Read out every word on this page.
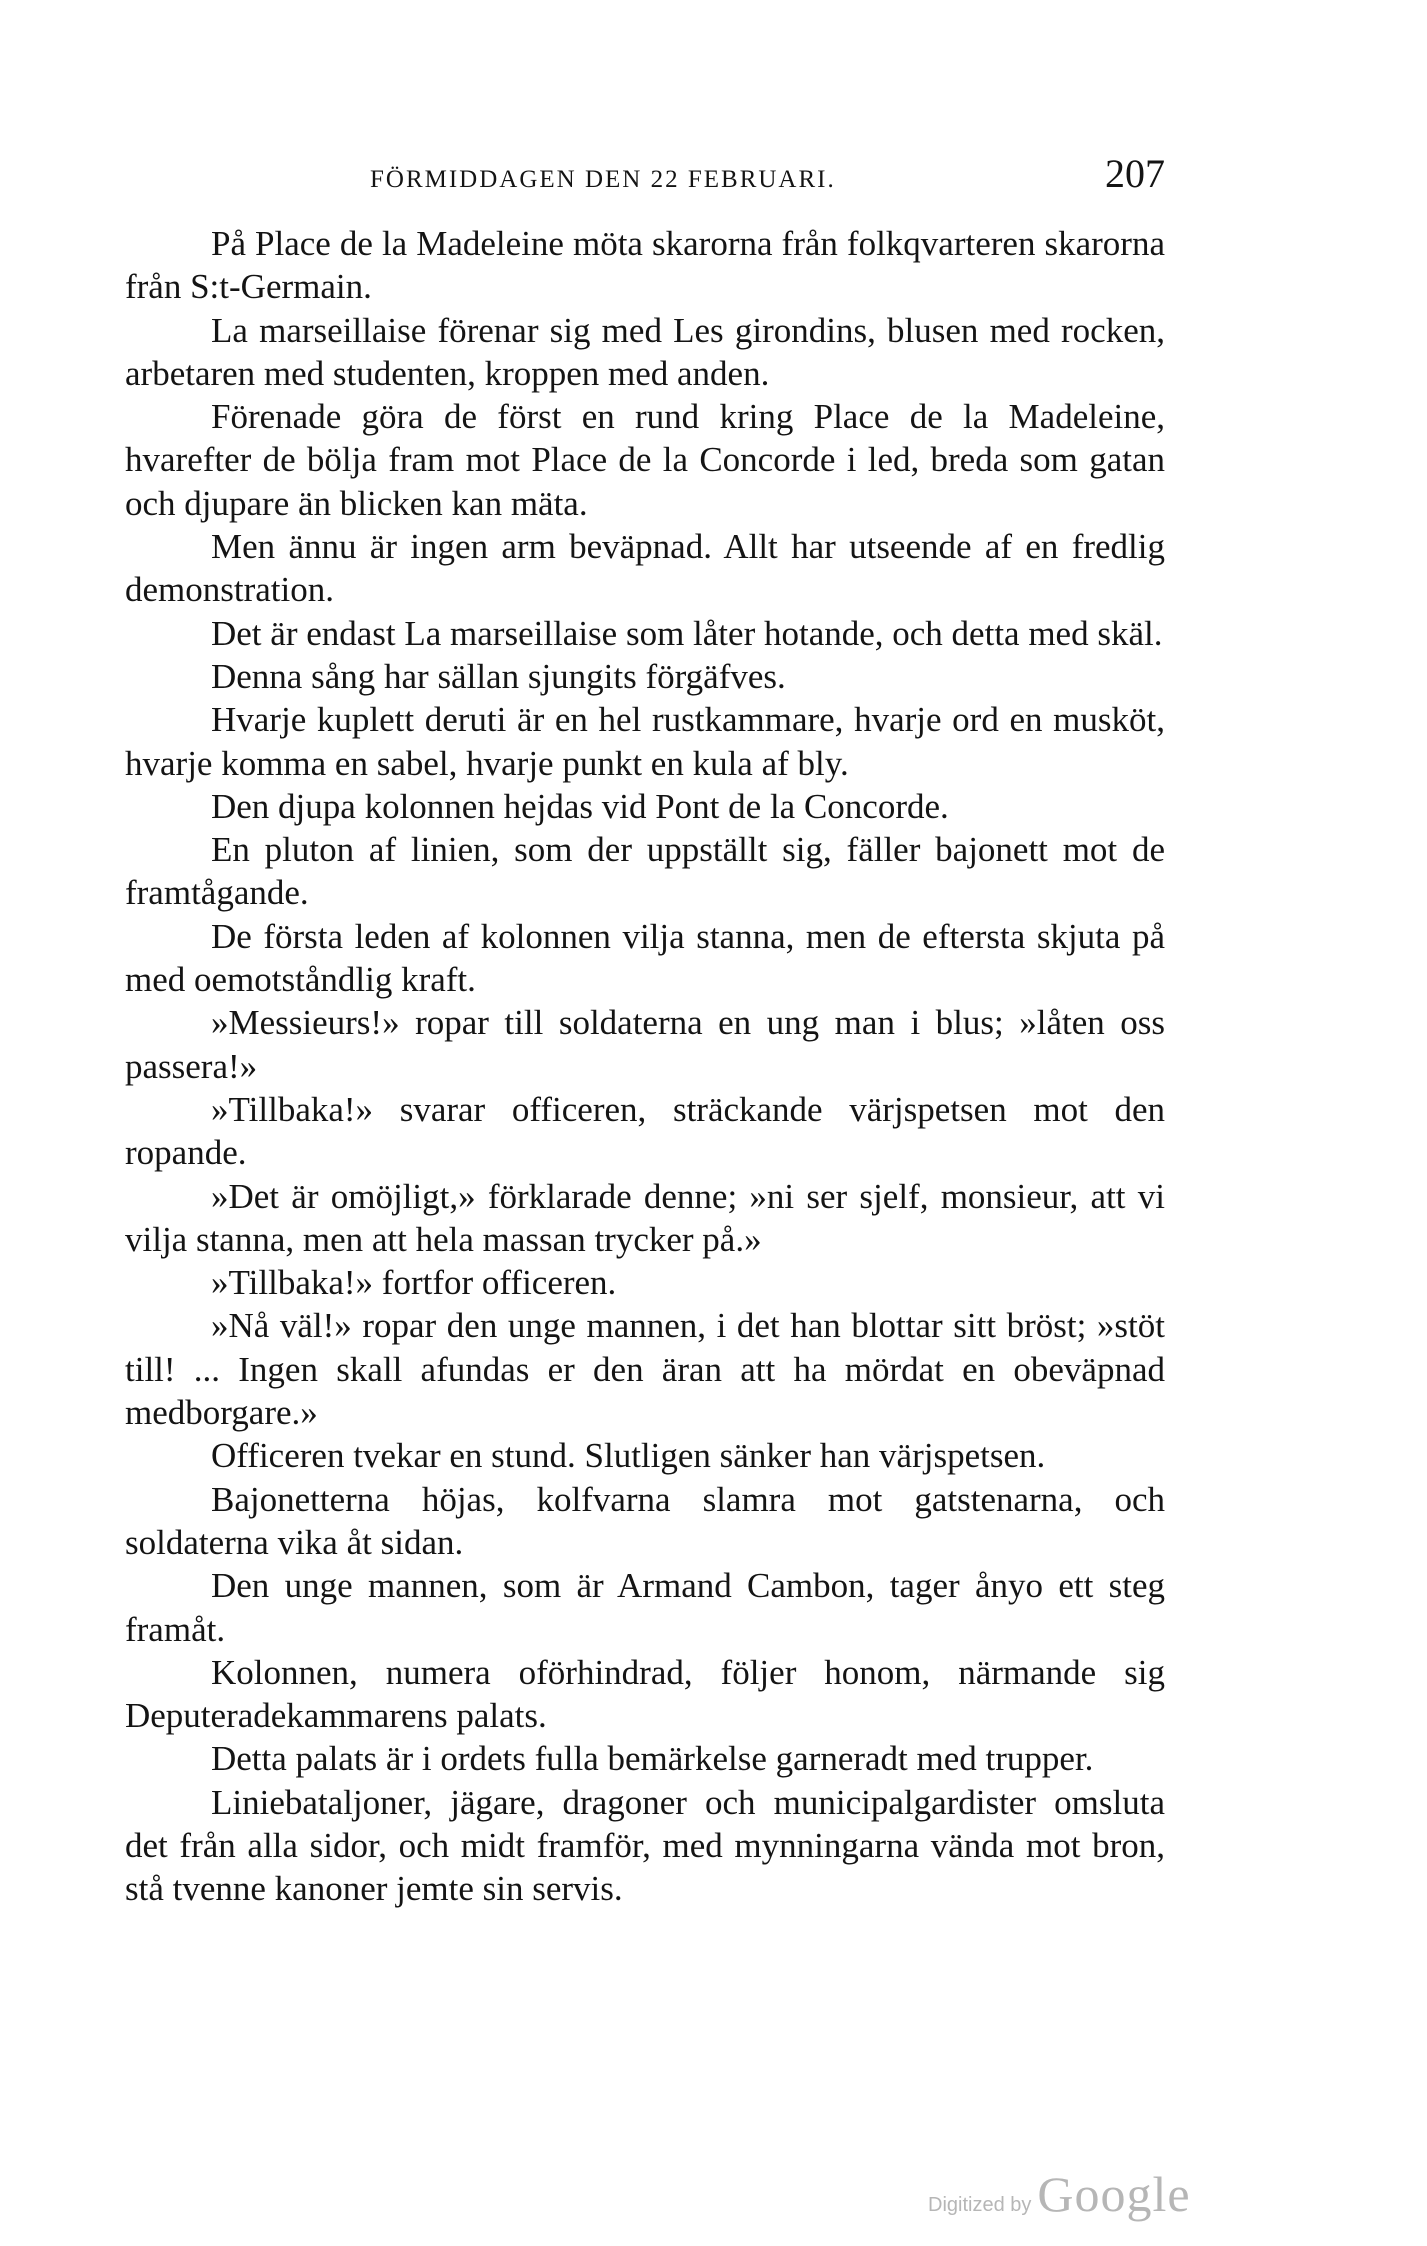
FÖRMIDDAGEN DEN 22 FEBRUARI.	207

På Place de la Madeleine möta skarorna från folkqvarteren skarorna från S:t-Germain.

La marseillaise förenar sig med Les girondins, blusen med rocken, arbetaren med studenten, kroppen med anden.

Förenade göra de först en rund kring Place de la Madeleine, hvarefter de bölja fram mot Place de la Concorde i led, breda som gatan och djupare än blicken kan mäta.

Men ännu är ingen arm beväpnad. Allt har utseende af en fredlig demonstration.

Det är endast La marseillaise som låter hotande, och detta med skäl.

Denna sång har sällan sjungits förgäfves.

Hvarje kuplett deruti är en hel rustkammare, hvarje ord en musköt, hvarje komma en sabel, hvarje punkt en kula af bly.

Den djupa kolonnen hejdas vid Pont de la Concorde.

En pluton af linien, som der uppställt sig, fäller bajonett mot de framtågande.

De första leden af kolonnen vilja stanna, men de eftersta skjuta på med oemotståndlig kraft.

»Messieurs!» ropar till soldaterna en ung man i blus; »låten oss passera!»

»Tillbaka!» svarar officeren, sträckande värjspetsen mot den ropande.

»Det är omöjligt,» förklarade denne; »ni ser sjelf, monsieur, att vi vilja stanna, men att hela massan trycker på.»

»Tillbaka!» fortfor officeren.

»Nå väl!» ropar den unge mannen, i det han blottar sitt bröst; »stöt till! ... Ingen skall afundas er den äran att ha mördat en obeväpnad medborgare.»

Officeren tvekar en stund. Slutligen sänker han värjspetsen.

Bajonetterna höjas, kolfvarna slamra mot gatstenarna, och soldaterna vika åt sidan.

Den unge mannen, som är Armand Cambon, tager ånyo ett steg framåt.

Kolonnen, numera oförhindrad, följer honom, närmande sig Deputeradekammarens palats.

Detta palats är i ordets fulla bemärkelse garneradt med trupper.

Liniebataljoner, jägare, dragoner och municipalgardister omsluta det från alla sidor, och midt framför, med mynningarna vända mot bron, stå tvenne kanoner jemte sin servis.

Digitized by Google
